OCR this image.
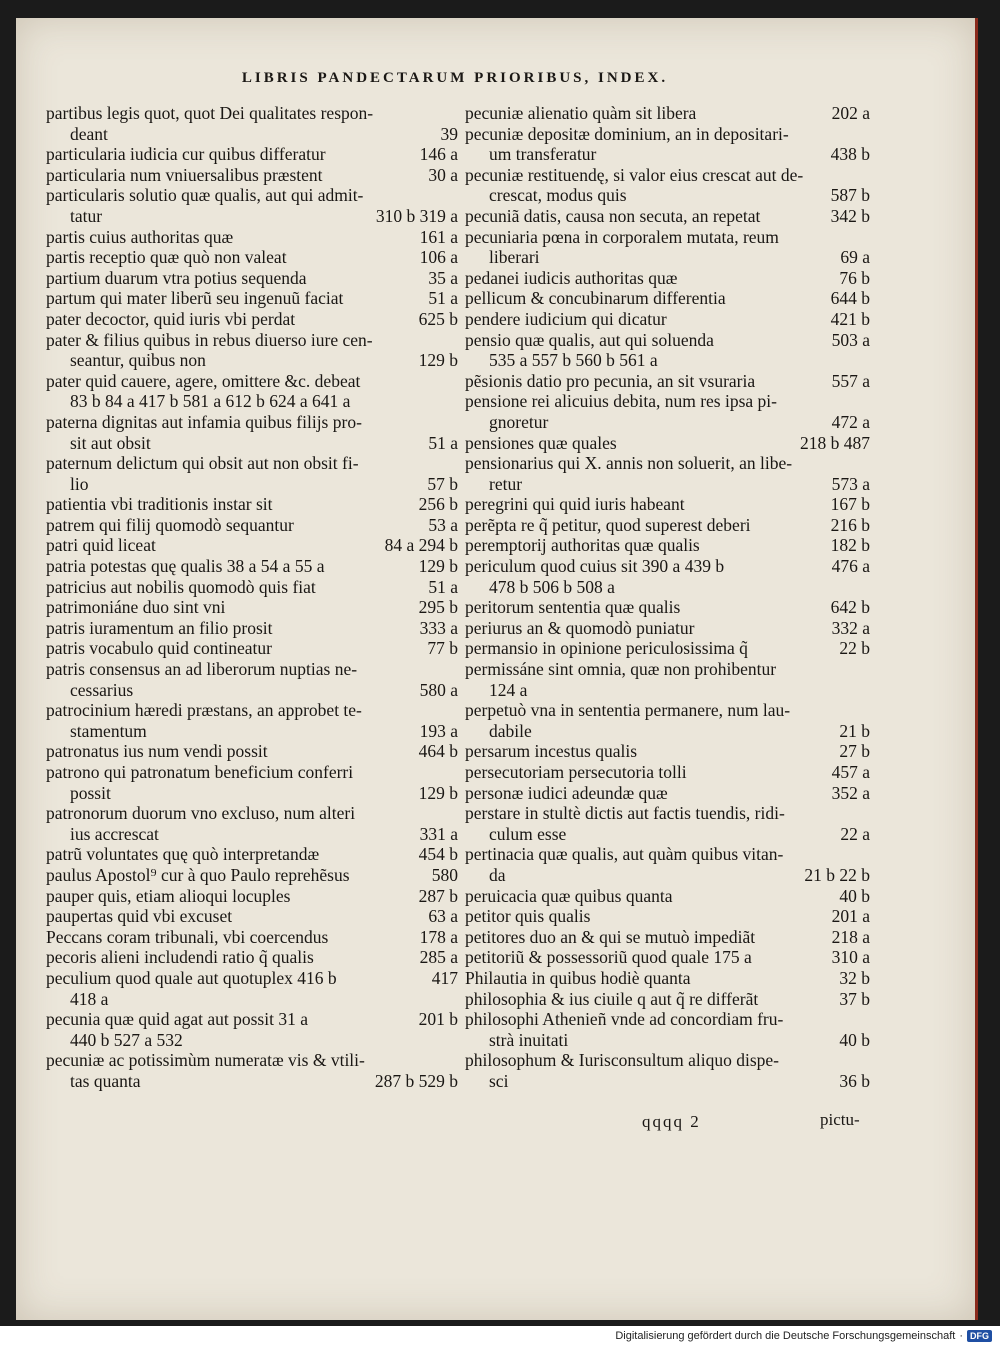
LIBRIS PANDECTARUM PRIORIBUS, INDEX.
partibus legis quot, quot Dei qualitates respon-
deant	39
particularia iudicia cur quibus differatur	146 a
particularia num vniuersalibus præstent	30 a
particularis solutio quæ qualis, aut qui admit-
tatur	310 b 319 a
partis cuius authoritas quæ	161 a
partis receptio quæ quò non valeat	106 a
partium duarum vtra potius sequenda	35 a
partum qui mater liberũ seu ingenuũ faciat	51 a
pater decoctor, quid iuris vbi perdat	625 b
pater & filius quibus in rebus diuerso iure cen-
seantur, quibus non	129 b
pater quid cauere, agere, omittere &c. debeat
83 b 84 a 417 b 581 a 612 b 624 a 641 a
paterna dignitas aut infamia quibus filijs pro-
sit aut obsit	51 a
paternum delictum qui obsit aut non obsit fi-
lio	57 b
patientia vbi traditionis instar sit	256 b
patrem qui filij quomodò sequantur	53 a
patri quid liceat	84 a 294 b
patria potestas quę qualis 38 a 54 a 55 a	129 b
patricius aut nobilis quomodò quis fiat	51 a
patrimoniáne duo sint vni	295 b
patris iuramentum an filio prosit	333 a
patris vocabulo quid contineatur	77 b
patris consensus an ad liberorum nuptias ne-
cessarius	580 a
patrocinium hæredi præstans, an approbet te-
stamentum	193 a
patronatus ius num vendi possit	464 b
patrono qui patronatum beneficium conferri
possit	129 b
patronorum duorum vno excluso, num alteri
ius accrescat	331 a
patrũ voluntates quę quò interpretandæ	454 b
paulus Apostol⁹ cur à quo Paulo reprehẽsus	580
pauper quis, etiam alioqui locuples	287 b
paupertas quid vbi excuset	63 a
Peccans coram tribunali, vbi coercendus	178 a
pecoris alieni includendi ratio q̃ qualis	285 a
peculium quod quale aut quotuplex 416 b	417
418 a
pecunia quæ quid agat aut possit 31 a	201 b
440 b 527 a 532
pecuniæ ac potissimùm numeratæ vis & vtili-
tas quanta	287 b 529 b
pecuniæ alienatio quàm sit libera	202 a
pecuniæ depositæ dominium, an in depositari-
um transferatur	438 b
pecuniæ restituendę, si valor eius crescat aut de-
crescat, modus quis	587 b
pecuniã datis, causa non secuta, an repetat	342 b
pecuniaria pœna in corporalem mutata, reum
liberari	69 a
pedanei iudicis authoritas quæ	76 b
pellicum & concubinarum differentia	644 b
pendere iudicium qui dicatur	421 b
pensio quæ qualis, aut qui soluenda	503 a
535 a 557 b 560 b 561 a
pẽsionis datio pro pecunia, an sit vsuraria	557 a
pensione rei alicuius debita, num res ipsa pi-
gnoretur	472 a
pensiones quæ quales	218 b 487
pensionarius qui X. annis non soluerit, an libe-
retur	573 a
peregrini qui quid iuris habeant	167 b
perẽpta re q̃ petitur, quod superest deberi	216 b
peremptorij authoritas quæ qualis	182 b
periculum quod cuius sit 390 a 439 b	476 a
478 b 506 b 508 a
peritorum sententia quæ qualis	642 b
periurus an & quomodò puniatur	332 a
permansio in opinione periculosissima q̃	22 b
permissáne sint omnia, quæ non prohibentur
124 a
perpetuò vna in sententia permanere, num lau-
dabile	21 b
persarum incestus qualis	27 b
persecutoriam persecutoria tolli	457 a
personæ iudici adeundæ quæ	352 a
perstare in stultè dictis aut factis tuendis, ridi-
culum esse	22 a
pertinacia quæ qualis, aut quàm quibus vitan-
da	21 b 22 b
peruicacia quæ quibus quanta	40 b
petitor quis qualis	201 a
petitores duo an & qui se mutuò impediãt	218 a
petitoriũ & possessoriũ quod quale 175 a	310 a
Philautia in quibus hodiè quanta	32 b
philosophia & ius ciuile q aut q̃ re differãt	37 b
philosophi Athenieñ vnde ad concordiam fru-
strà inuitati	40 b
philosophum & Iurisconsultum aliquo dispe-
sci	36 b
qqqq 2	pictu-
Digitalisierung gefördert durch die Deutsche Forschungsgemeinschaft · DFG
